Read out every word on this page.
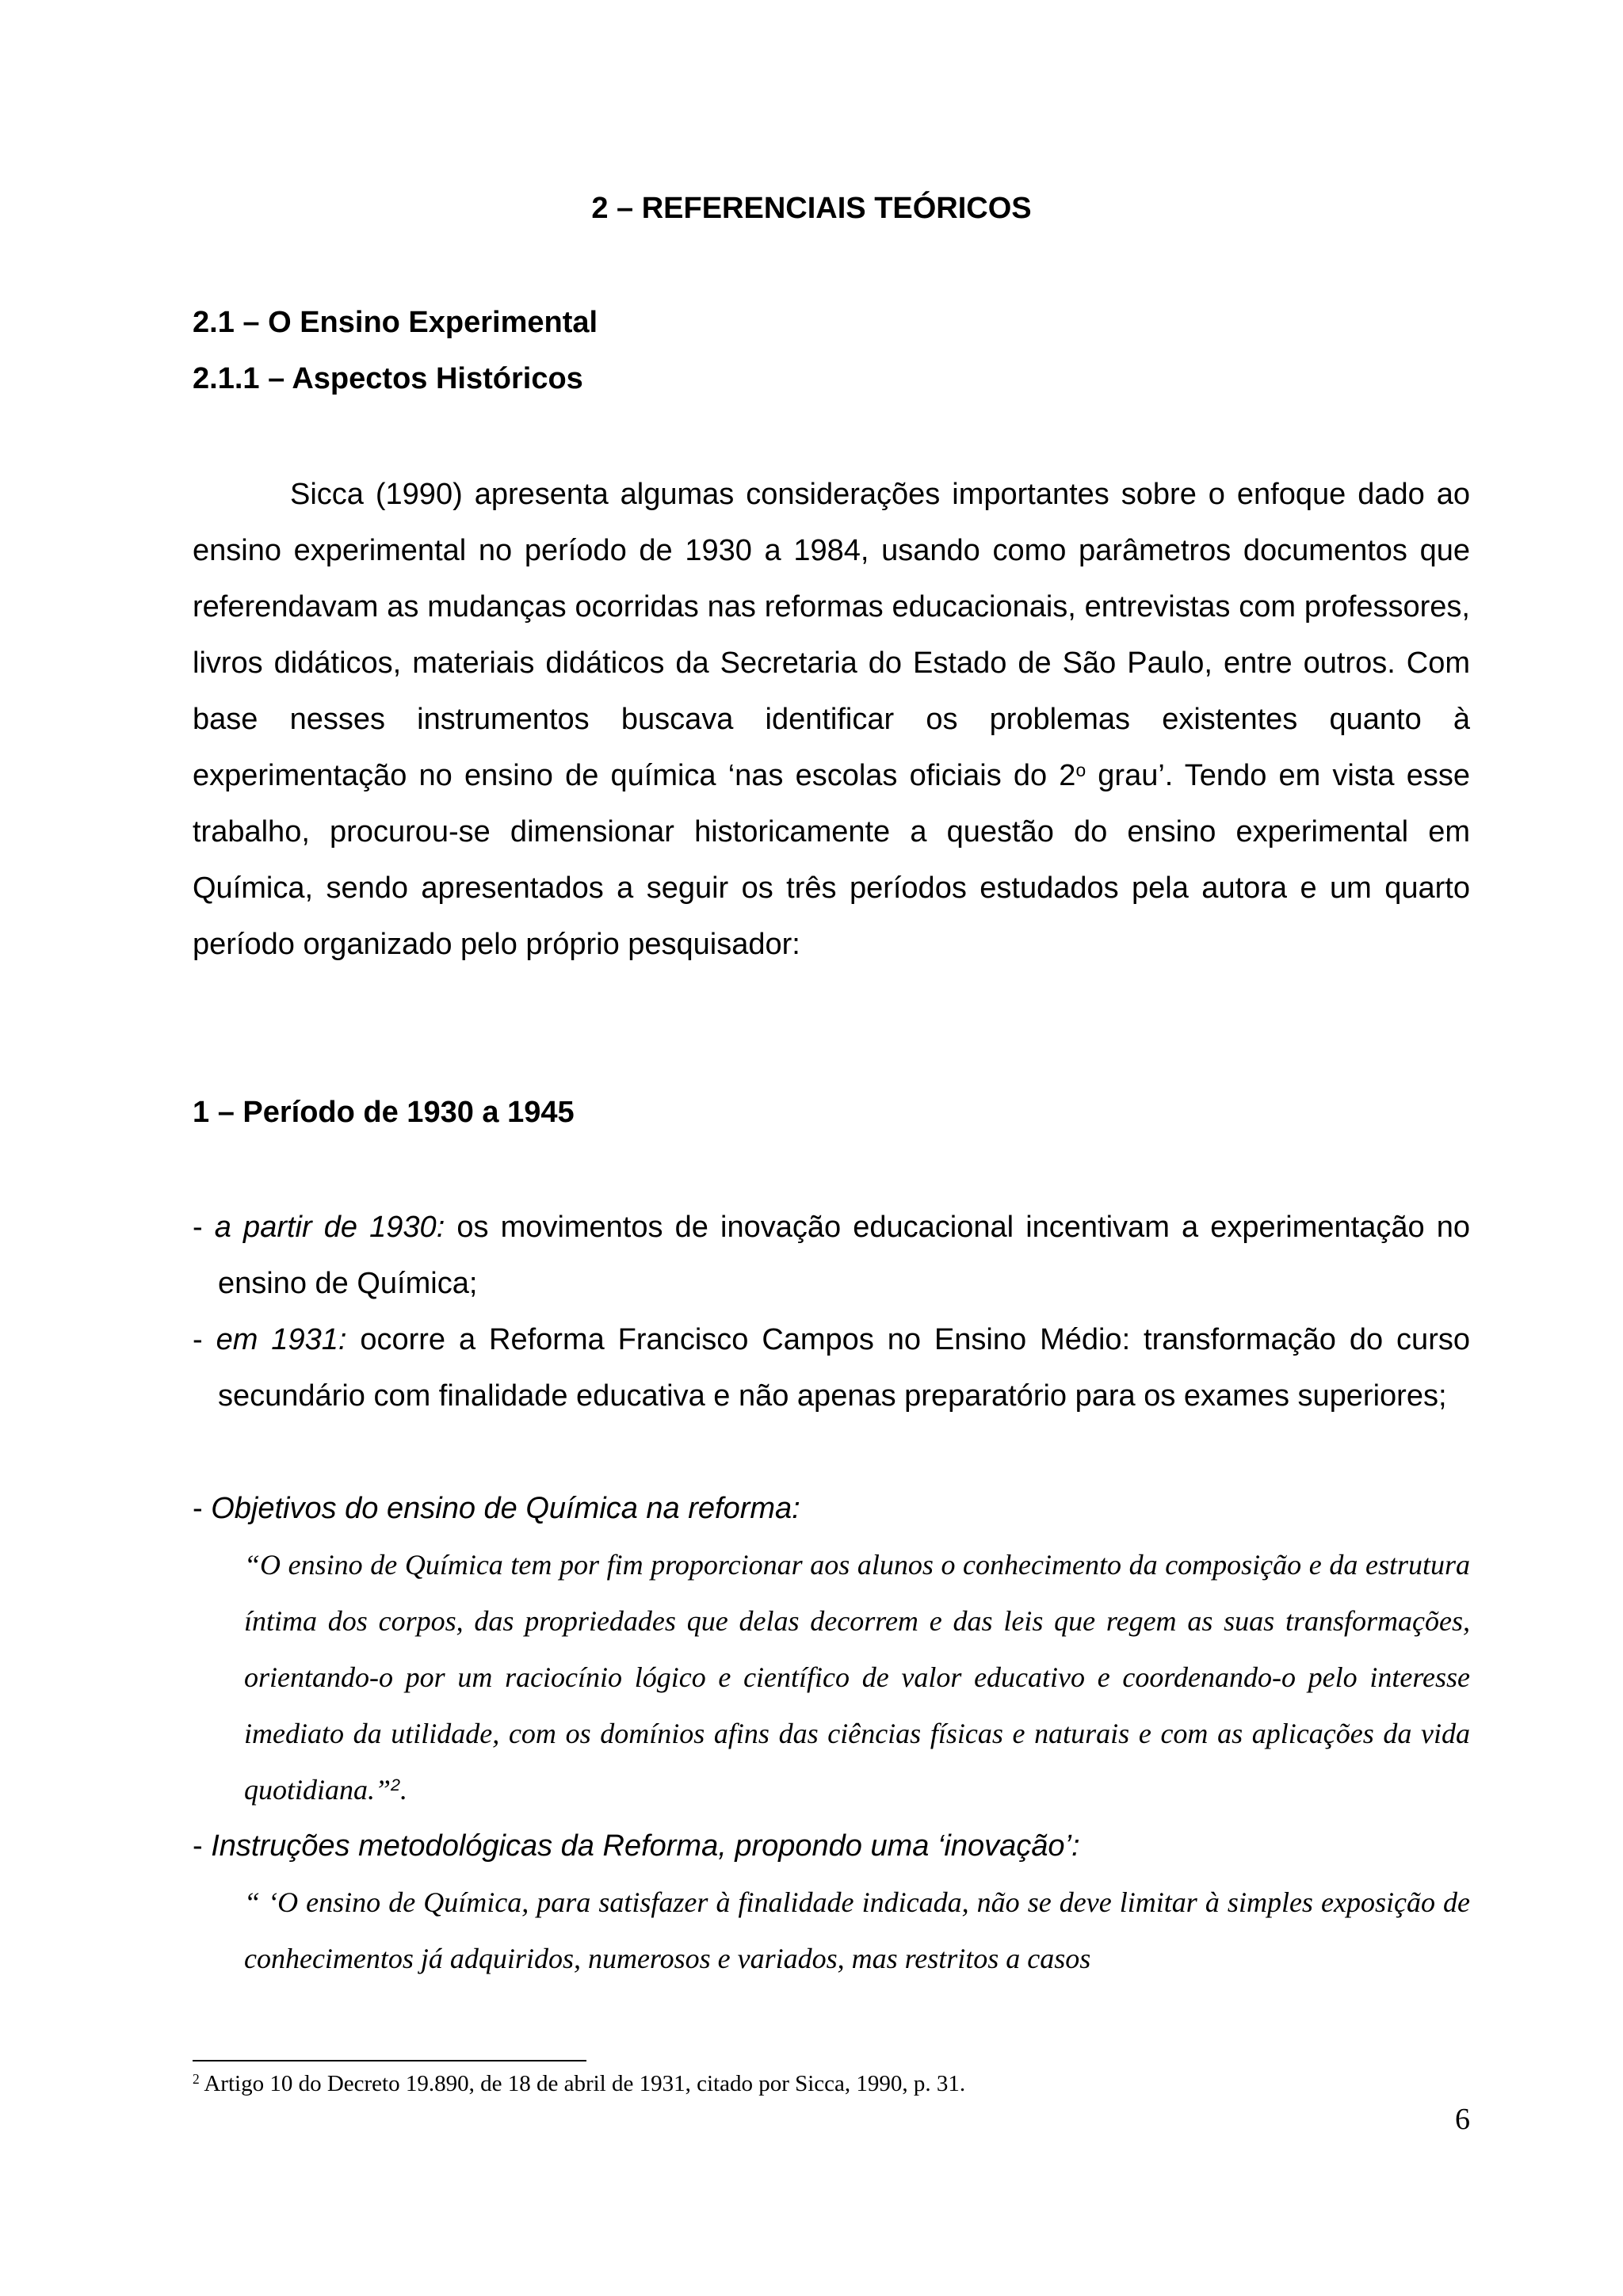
2 – REFERENCIAIS TEÓRICOS
2.1 – O Ensino Experimental
2.1.1 – Aspectos Históricos

Sicca (1990) apresenta algumas considerações importantes sobre o enfoque dado ao ensino experimental no período de 1930 a 1984, usando como parâmetros documentos que referendavam as mudanças ocorridas nas reformas educacionais, entrevistas com professores, livros didáticos, materiais didáticos da Secretaria do Estado de São Paulo, entre outros. Com base nesses instrumentos buscava identificar os problemas existentes quanto à experimentação no ensino de química ‘nas escolas oficiais do 2$^o$ grau’. Tendo em vista esse trabalho, procurou-se dimensionar historicamente a questão do ensino experimental em Química, sendo apresentados a seguir os três períodos estudados pela autora e um quarto período organizado pelo próprio pesquisador:

1 – Período de 1930 a 1945

- a partir de 1930: os movimentos de inovação educacional incentivam a experimentação no ensino de Química;

- em 1931: ocorre a Reforma Francisco Campos no Ensino Médio: transformação do curso secundário com finalidade educativa e não apenas preparatório para os exames superiores;

- Objetivos do ensino de Química na reforma:

“O ensino de Química tem por fim proporcionar aos alunos o conhecimento da composição e da estrutura íntima dos corpos, das propriedades que delas decorrem e das leis que regem as suas transformações, orientando-o por um raciocínio lógico e científico de valor educativo e coordenando-o pelo interesse imediato da utilidade, com os domínios afins das ciências físicas e naturais e com as aplicações da vida quotidiana.”$^2$.

- Instruções metodológicas da Reforma, propondo uma ‘inovação’:

“ ‘O ensino de Química, para satisfazer à finalidade indicada, não se deve limitar à simples exposição de conhecimentos já adquiridos, numerosos e variados, mas restritos a casos

$^2$ Artigo 10 do Decreto 19.890, de 18 de abril de 1931, citado por Sicca, 1990, p. 31.

6
